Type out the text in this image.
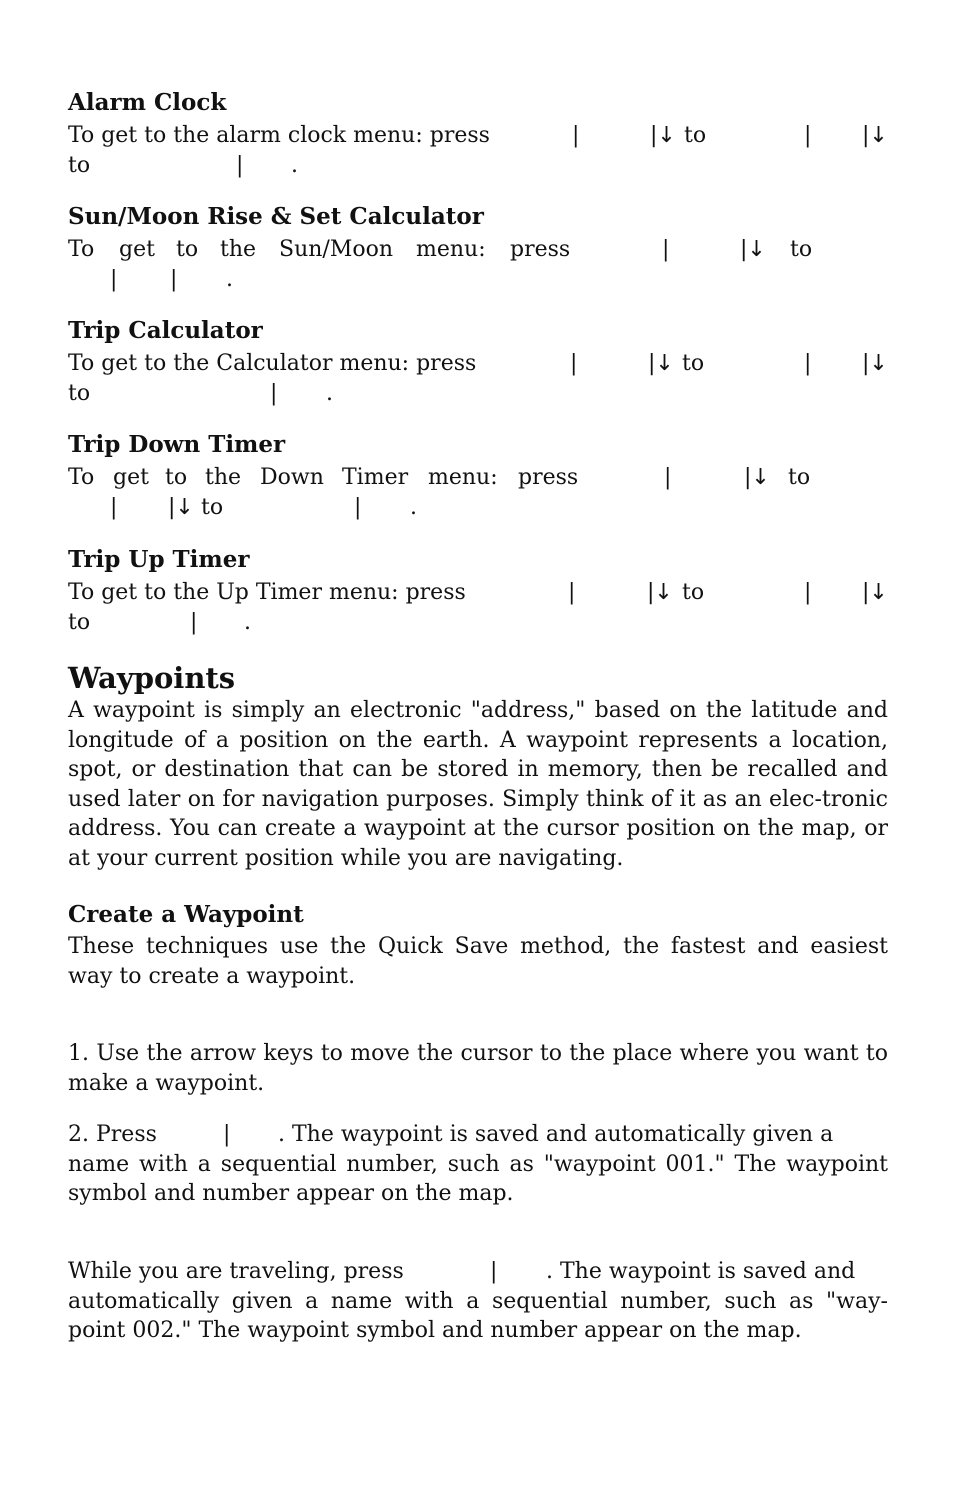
Alarm Clock
To get to the alarm clock menu: press	|	|↓ to	| |↓
to	| .
Sun/Moon Rise & Set Calculator
To get to the Sun/Moon menu: press	|	|↓ to
| | .
Trip Calculator
To get to the Calculator menu: press	|	|↓ to	| |↓
to	| .
Trip Down Timer
To get to the Down Timer menu: press	|	|↓ to
| |↓ to	| .
Trip Up Timer
To get to the Up Timer menu: press	|	|↓ to	| |↓
to	| .
Waypoints
A waypoint is simply an electronic "address," based on the latitude and longitude of a position on the earth. A waypoint represents a location, spot, or destination that can be stored in memory, then be recalled and used later on for navigation purposes. Simply think of it as an elec-tronic address. You can create a waypoint at the cursor position on the map, or at your current position while you are navigating.
Create a Waypoint
These techniques use the Quick Save method, the fastest and easiest way to create a waypoint.
1. Use the arrow keys to move the cursor to the place where you want to make a waypoint.
2. Press	| . The waypoint is saved and automatically given a
name with a sequential number, such as "waypoint 001." The waypoint symbol and number appear on the map.
While you are traveling, press	| . The waypoint is saved and
automatically given a name with a sequential number, such as "way-point 002." The waypoint symbol and number appear on the map.
